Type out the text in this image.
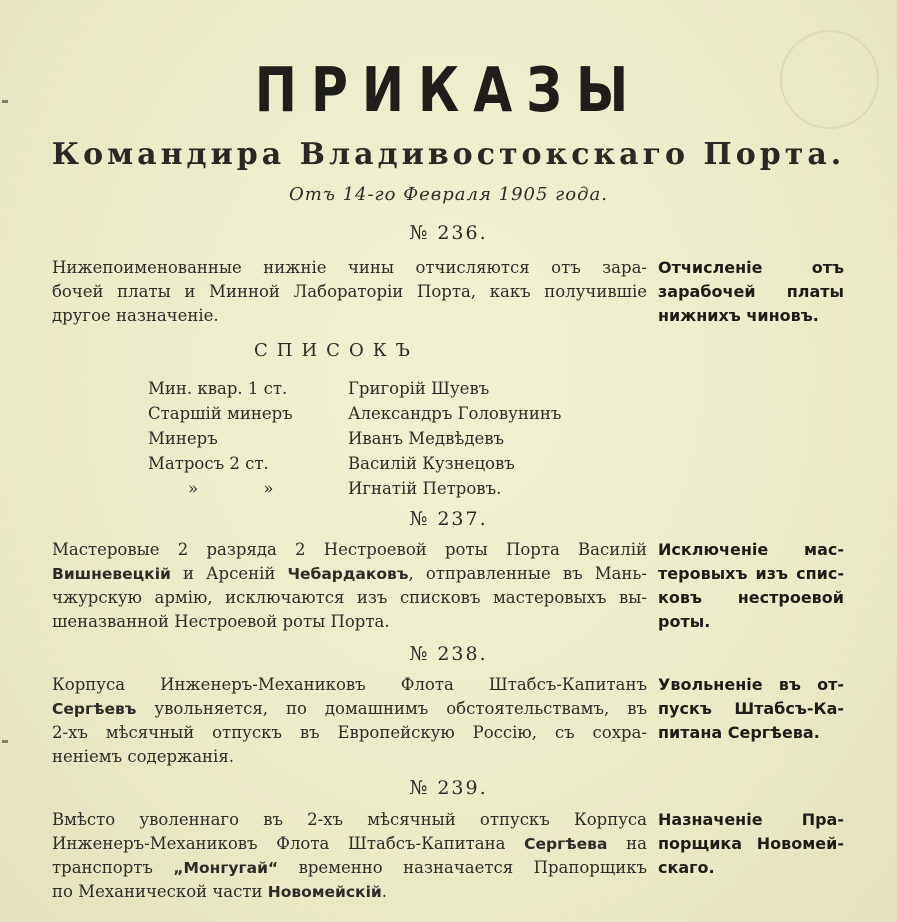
ПРИКАЗЫ
Командира Владивостокскаго Порта.
Отъ 14-го Февраля 1905 года.
№ 236.
Нижепоименованные нижніе чины отчисляются отъ зара-
бочей платы и Минной Лабораторіи Порта, какъ получившіе
другое назначеніе.
Отчисленіе отъ
зарабочей платы
нижнихъ чиновъ.
СПИСОКЪ
Мин. квар. 1 ст.	Григорій Шуевъ
Старшій минеръ	Александръ Головунинъ
Минеръ	Иванъ Медвѣдевъ
Матросъ 2 ст.	Василій Кузнецовъ
» »	Игнатій Петровъ.
№ 237.
Мастеровые 2 разряда 2 Нестроевой роты Порта Василій
Вишневецкій и Арсеній Чебардаковъ, отправленные въ Мань-
чжурскую армію, исключаются изъ списковъ мастеровыхъ вы-
шеназванной Нестроевой роты Порта.
Исключеніе мас-
теровыхъ изъ спис-
ковъ нестроевой
роты.
№ 238.
Корпуса Инженеръ-Механиковъ Флота Штабсъ-Капитанъ
Сергѣевъ увольняется, по домашнимъ обстоятельствамъ, въ
2-хъ мѣсячный отпускъ въ Европейскую Россію, съ сохра-
неніемъ содержанія.
Увольненіе въ от-
пускъ Штабсъ-Ка-
питана Сергѣева.
№ 239.
Вмѣсто уволеннаго въ 2-хъ мѣсячный отпускъ Корпуса
Инженеръ-Механиковъ Флота Штабсъ-Капитана Сергѣева на
транспортъ „Монгугай“ временно назначается Прапорщикъ
по Механической части Новомейскій.
Назначеніе Пра-
порщика Новомей-
скаго.
